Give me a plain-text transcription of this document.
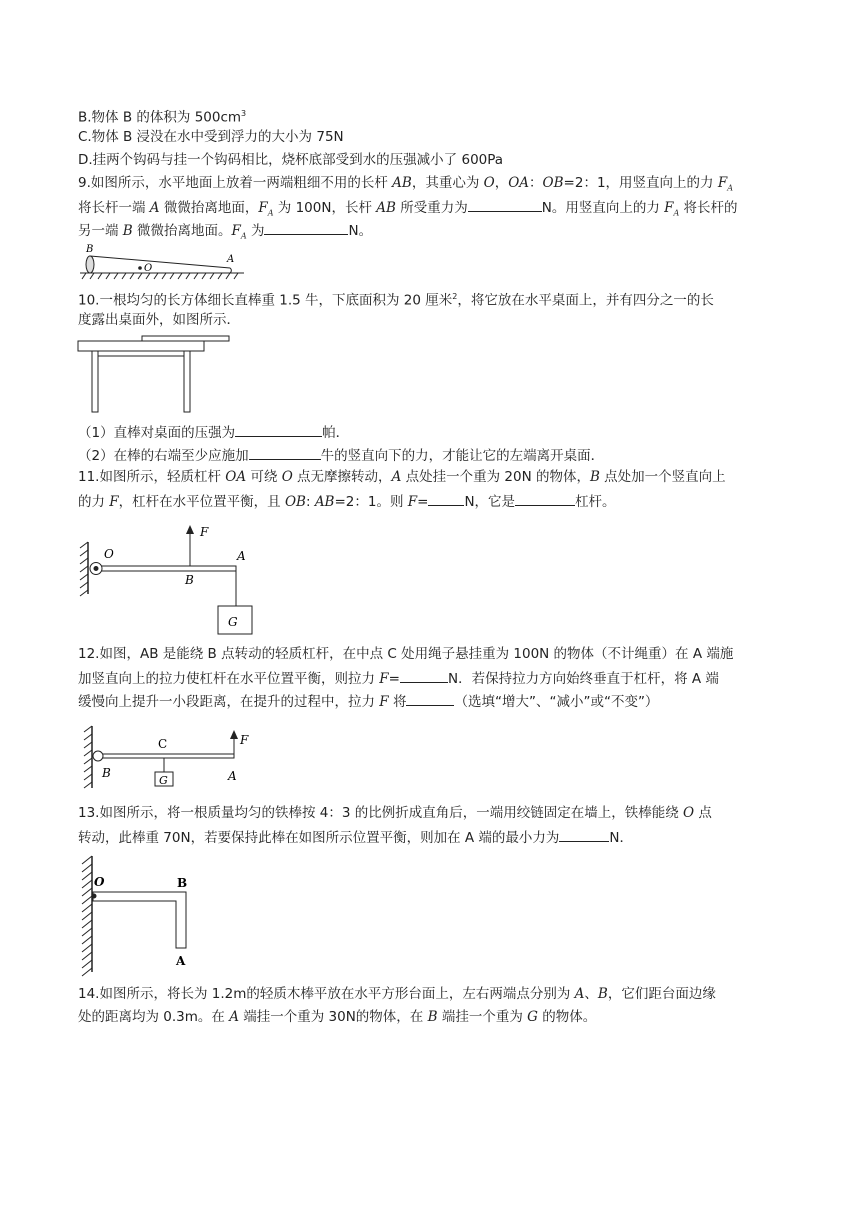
B.物体 B 的体积为 $500cm^3$
C.物体 B 浸没在水中受到浮力的大小为 75N
D.挂两个钩码与挂一个钩码相比，烧杯底部受到水的压强减小了 600Pa
9.如图所示，水平地面上放着一两端粗细不用的长杆 AB，其重心为 O，OA：OB=2：1，用竖直向上的力 $F_A$
将长杆一端 A 微微抬离地面，$F_A$ 为 100N，长杆 AB 所受重力为	N。用竖直向上的力 $F_A$ 将长杆的
另一端 B 微微抬离地面。$F_A$ 为	N。
B
O
A
10.一根均匀的长方体细长直棒重 1.5 牛，下底面积为 20 厘米$^2$，将它放在水平桌面上，并有四分之一的长
度露出桌面外，如图所示．
（1）直棒对桌面的压强为	帕．
（2）在棒的右端至少应施加	牛的竖直向下的力，才能让它的左端离开桌面．
11.如图所示，轻质杠杆 OA 可绕 O 点无摩擦转动，A 点处挂一个重为 20N 的物体，B 点处加一个竖直向上
的力 F，杠杆在水平位置平衡，且 OB: AB=2：1。则 F=	N，它是	杠杆。
F
O	A
B
G
12.如图，AB 是能绕 B 点转动的轻质杠杆，在中点 C 处用绳子悬挂重为 100N 的物体（不计绳重）在 A 端施
加竖直向上的拉力使杠杆在水平位置平衡，则拉力 F=	N．若保持拉力方向始终垂直于杠杆，将 A 端
缓慢向上提升一小段距离，在提升的过程中，拉力 F 将	（选填“增大”、“减小”或“不变”）
C	F
B
G	A
13.如图所示，将一根质量均匀的铁棒按 4：3 的比例折成直角后，一端用绞链固定在墙上，铁棒能绕 O 点
转动，此棒重 70N，若要保持此棒在如图所示位置平衡，则加在 A 端的最小力为	N．
O	B
A
14.如图所示，将长为 1.2m的轻质木棒平放在水平方形台面上，左右两端点分别为 A、B，它们距台面边缘
处的距离均为 0.3m。在 A 端挂一个重为 30N的物体，在 B 端挂一个重为 G 的物体。
